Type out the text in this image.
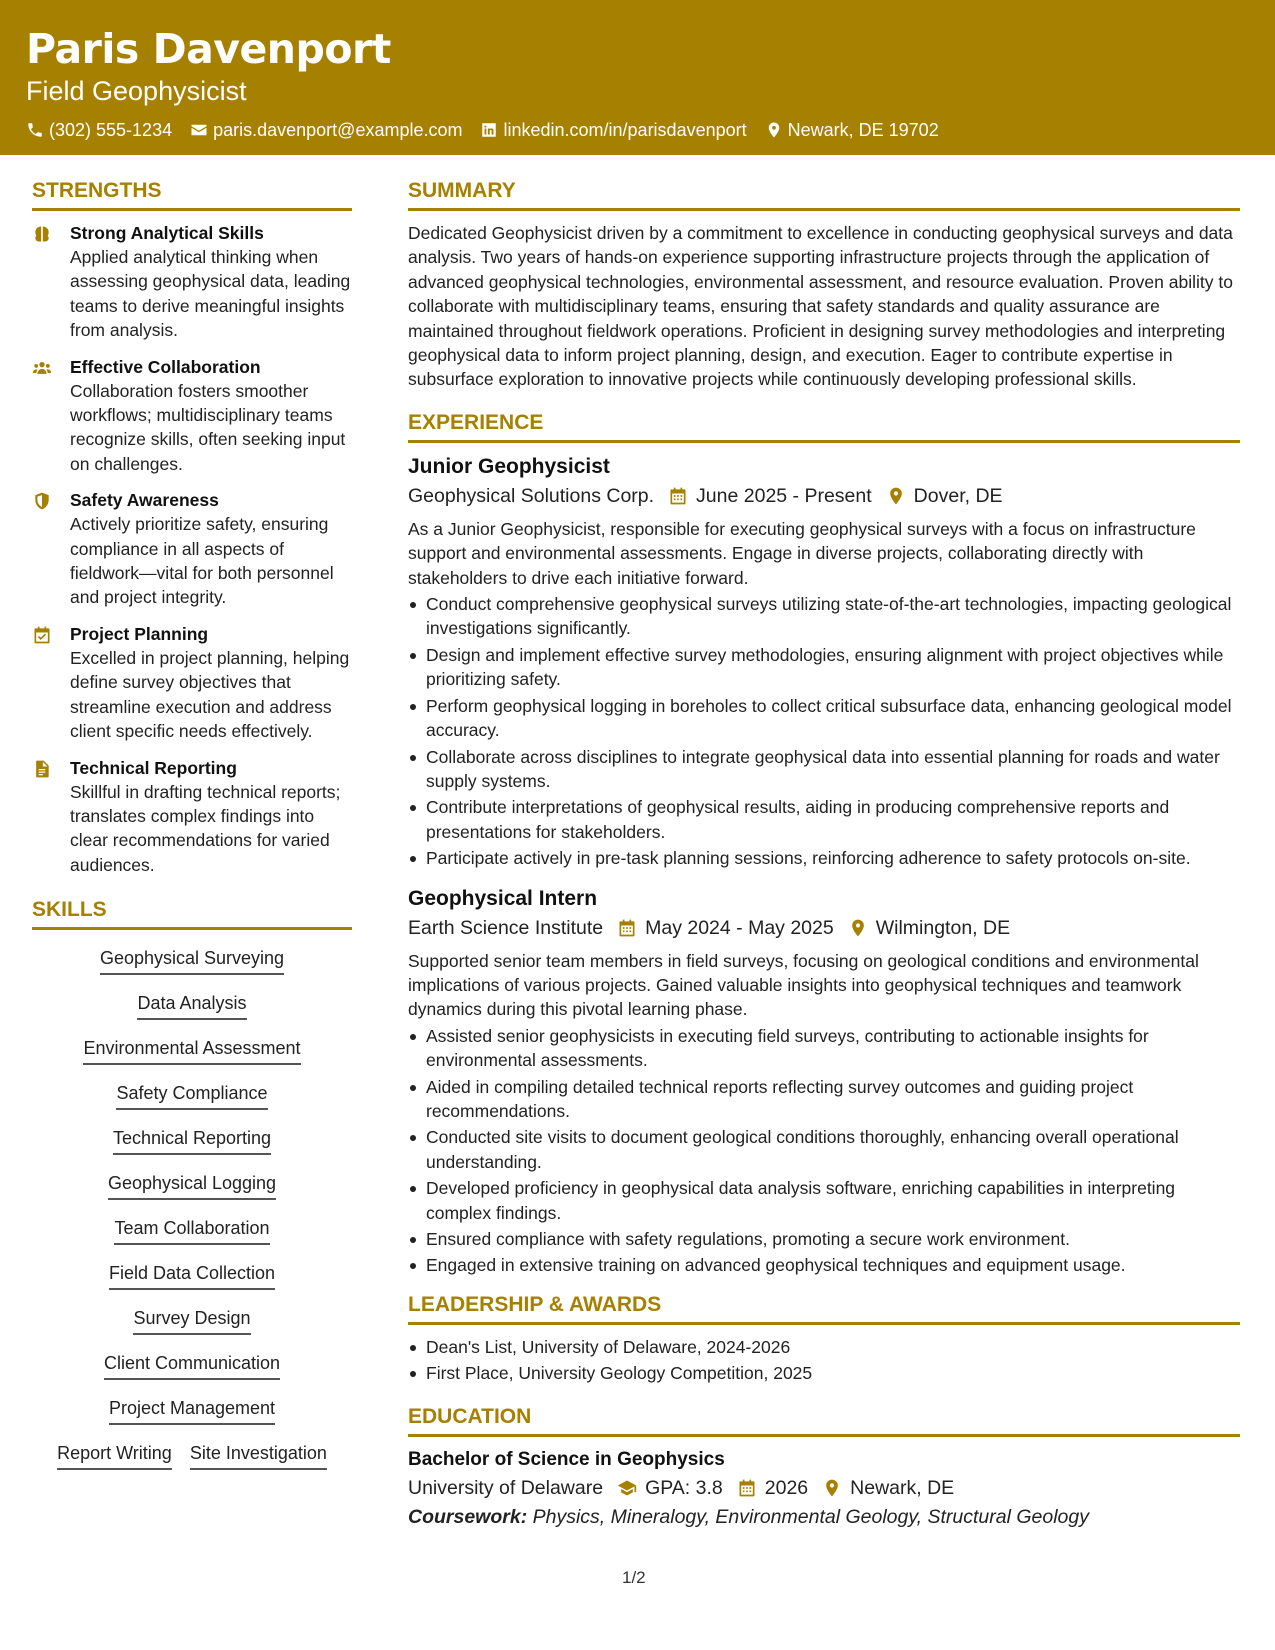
Paris Davenport
Field Geophysicist
(302) 555-1234 paris.davenport@example.com linkedin.com/in/parisdavenport Newark, DE 19702
STRENGTHS
Strong Analytical Skills
Applied analytical thinking when assessing geophysical data, leading teams to derive meaningful insights from analysis.
Effective Collaboration
Collaboration fosters smoother workflows; multidisciplinary teams recognize skills, often seeking input on challenges.
Safety Awareness
Actively prioritize safety, ensuring compliance in all aspects of fieldwork—vital for both personnel and project integrity.
Project Planning
Excelled in project planning, helping define survey objectives that streamline execution and address client specific needs effectively.
Technical Reporting
Skillful in drafting technical reports; translates complex findings into clear recommendations for varied audiences.
SKILLS
Geophysical Surveying
Data Analysis
Environmental Assessment
Safety Compliance
Technical Reporting
Geophysical Logging
Team Collaboration
Field Data Collection
Survey Design
Client Communication
Project Management
Report Writing Site Investigation
SUMMARY
Dedicated Geophysicist driven by a commitment to excellence in conducting geophysical surveys and data analysis. Two years of hands-on experience supporting infrastructure projects through the application of advanced geophysical technologies, environmental assessment, and resource evaluation. Proven ability to collaborate with multidisciplinary teams, ensuring that safety standards and quality assurance are maintained throughout fieldwork operations. Proficient in designing survey methodologies and interpreting geophysical data to inform project planning, design, and execution. Eager to contribute expertise in subsurface exploration to innovative projects while continuously developing professional skills.
EXPERIENCE
Junior Geophysicist
Geophysical Solutions Corp. June 2025 - Present Dover, DE
As a Junior Geophysicist, responsible for executing geophysical surveys with a focus on infrastructure support and environmental assessments. Engage in diverse projects, collaborating directly with stakeholders to drive each initiative forward.
Conduct comprehensive geophysical surveys utilizing state-of-the-art technologies, impacting geological investigations significantly.
Design and implement effective survey methodologies, ensuring alignment with project objectives while prioritizing safety.
Perform geophysical logging in boreholes to collect critical subsurface data, enhancing geological model accuracy.
Collaborate across disciplines to integrate geophysical data into essential planning for roads and water supply systems.
Contribute interpretations of geophysical results, aiding in producing comprehensive reports and presentations for stakeholders.
Participate actively in pre-task planning sessions, reinforcing adherence to safety protocols on-site.
Geophysical Intern
Earth Science Institute May 2024 - May 2025 Wilmington, DE
Supported senior team members in field surveys, focusing on geological conditions and environmental implications of various projects. Gained valuable insights into geophysical techniques and teamwork dynamics during this pivotal learning phase.
Assisted senior geophysicists in executing field surveys, contributing to actionable insights for environmental assessments.
Aided in compiling detailed technical reports reflecting survey outcomes and guiding project recommendations.
Conducted site visits to document geological conditions thoroughly, enhancing overall operational understanding.
Developed proficiency in geophysical data analysis software, enriching capabilities in interpreting complex findings.
Ensured compliance with safety regulations, promoting a secure work environment.
Engaged in extensive training on advanced geophysical techniques and equipment usage.
LEADERSHIP & AWARDS
Dean's List, University of Delaware, 2024-2026
First Place, University Geology Competition, 2025
EDUCATION
Bachelor of Science in Geophysics
University of Delaware GPA: 3.8 2026 Newark, DE
Coursework: Physics, Mineralogy, Environmental Geology, Structural Geology
1/2
